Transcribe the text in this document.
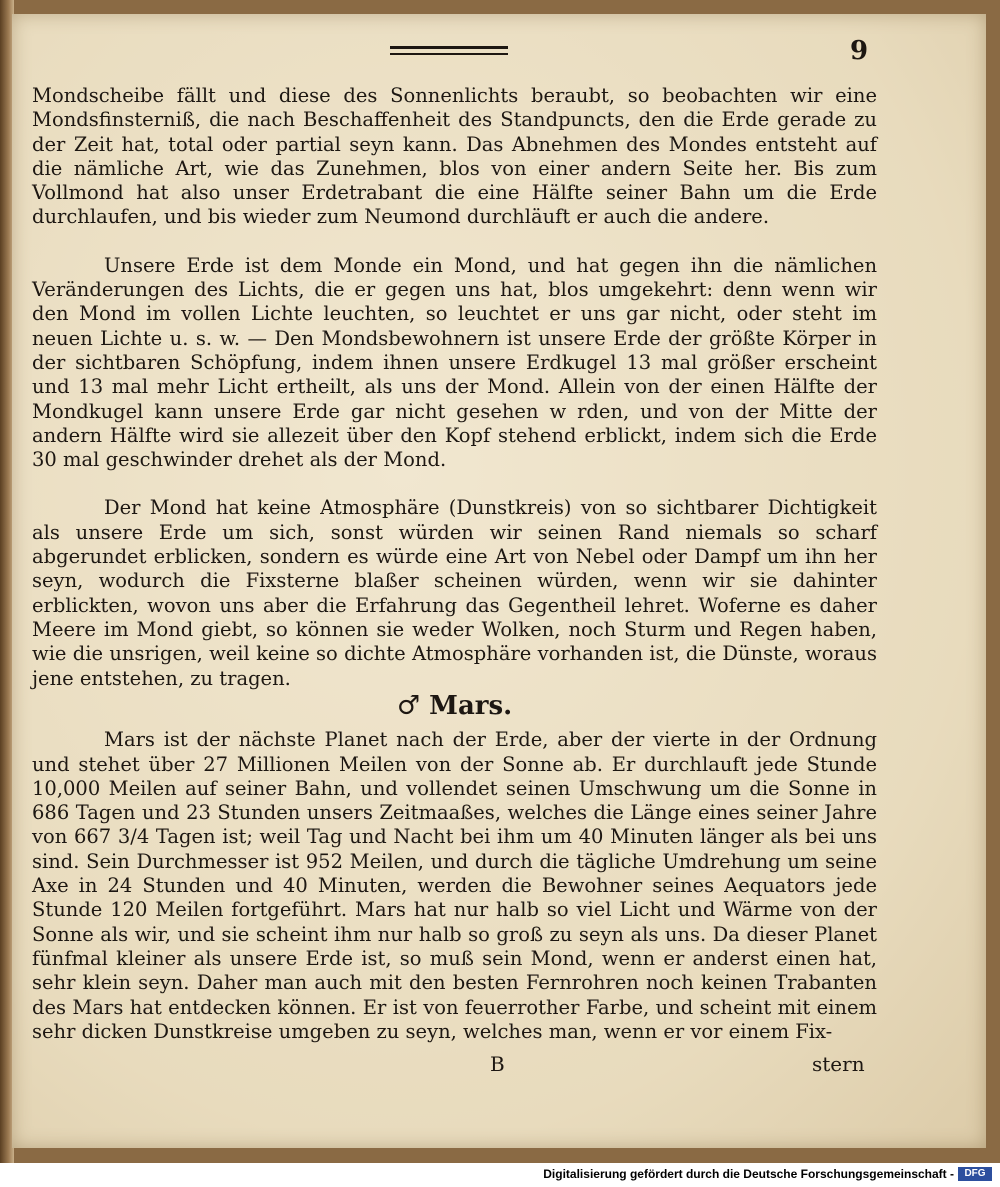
9

Mondscheibe fällt und diese des Sonnenlichts beraubt, so beobachten wir eine Mondsfinsterniß, die nach Beschaffenheit des Standpuncts, den die Erde gerade zu der Zeit hat, total oder partial seyn kann. Das Abnehmen des Mondes entsteht auf die nämliche Art, wie das Zunehmen, blos von einer andern Seite her. Bis zum Vollmond hat also unser Erdetrabant die eine Hälfte seiner Bahn um die Erde durchlaufen, und bis wieder zum Neumond durchläuft er auch die andere.

Unsere Erde ist dem Monde ein Mond, und hat gegen ihn die nämlichen Veränderungen des Lichts, die er gegen uns hat, blos umgekehrt: denn wenn wir den Mond im vollen Lichte leuchten, so leuchtet er uns gar nicht, oder steht im neuen Lichte u. s. w. — Den Mondsbewohnern ist unsere Erde der größte Körper in der sichtbaren Schöpfung, indem ihnen unsere Erdkugel 13 mal größer erscheint und 13 mal mehr Licht ertheilt, als uns der Mond. Allein von der einen Hälfte der Mondkugel kann unsere Erde gar nicht gesehen w rden, und von der Mitte der andern Hälfte wird sie allezeit über den Kopf stehend erblickt, indem sich die Erde 30 mal geschwinder drehet als der Mond.

Der Mond hat keine Atmosphäre (Dunstkreis) von so sichtbarer Dichtigkeit als unsere Erde um sich, sonst würden wir seinen Rand niemals so scharf abgerundet erblicken, sondern es würde eine Art von Nebel oder Dampf um ihn her seyn, wodurch die Fixsterne blaßer scheinen würden, wenn wir sie dahinter erblickten, wovon uns aber die Erfahrung das Gegentheil lehret. Woferne es daher Meere im Mond giebt, so können sie weder Wolken, noch Sturm und Regen haben, wie die unsrigen, weil keine so dichte Atmosphäre vorhanden ist, die Dünste, woraus jene entstehen, zu tragen.

♂ Mars.

Mars ist der nächste Planet nach der Erde, aber der vierte in der Ordnung und stehet über 27 Millionen Meilen von der Sonne ab. Er durchlauft jede Stunde 10,000 Meilen auf seiner Bahn, und vollendet seinen Umschwung um die Sonne in 686 Tagen und 23 Stunden unsers Zeitmaaßes, welches die Länge eines seiner Jahre von 667 3/4 Tagen ist; weil Tag und Nacht bei ihm um 40 Minuten länger als bei uns sind. Sein Durchmesser ist 952 Meilen, und durch die tägliche Umdrehung um seine Axe in 24 Stunden und 40 Minuten, werden die Bewohner seines Aequators jede Stunde 120 Meilen fortgeführt. Mars hat nur halb so viel Licht und Wärme von der Sonne als wir, und sie scheint ihm nur halb so groß zu seyn als uns. Da dieser Planet fünfmal kleiner als unsere Erde ist, so muß sein Mond, wenn er anderst einen hat, sehr klein seyn. Daher man auch mit den besten Fernrohren noch keinen Trabanten des Mars hat entdecken können. Er ist von feuerrother Farbe, und scheint mit einem sehr dicken Dunstkreise umgeben zu seyn, welches man, wenn er vor einem Fix-

B	stern
Digitalisierung gefördert durch die Deutsche Forschungsgemeinschaft -	DFG
